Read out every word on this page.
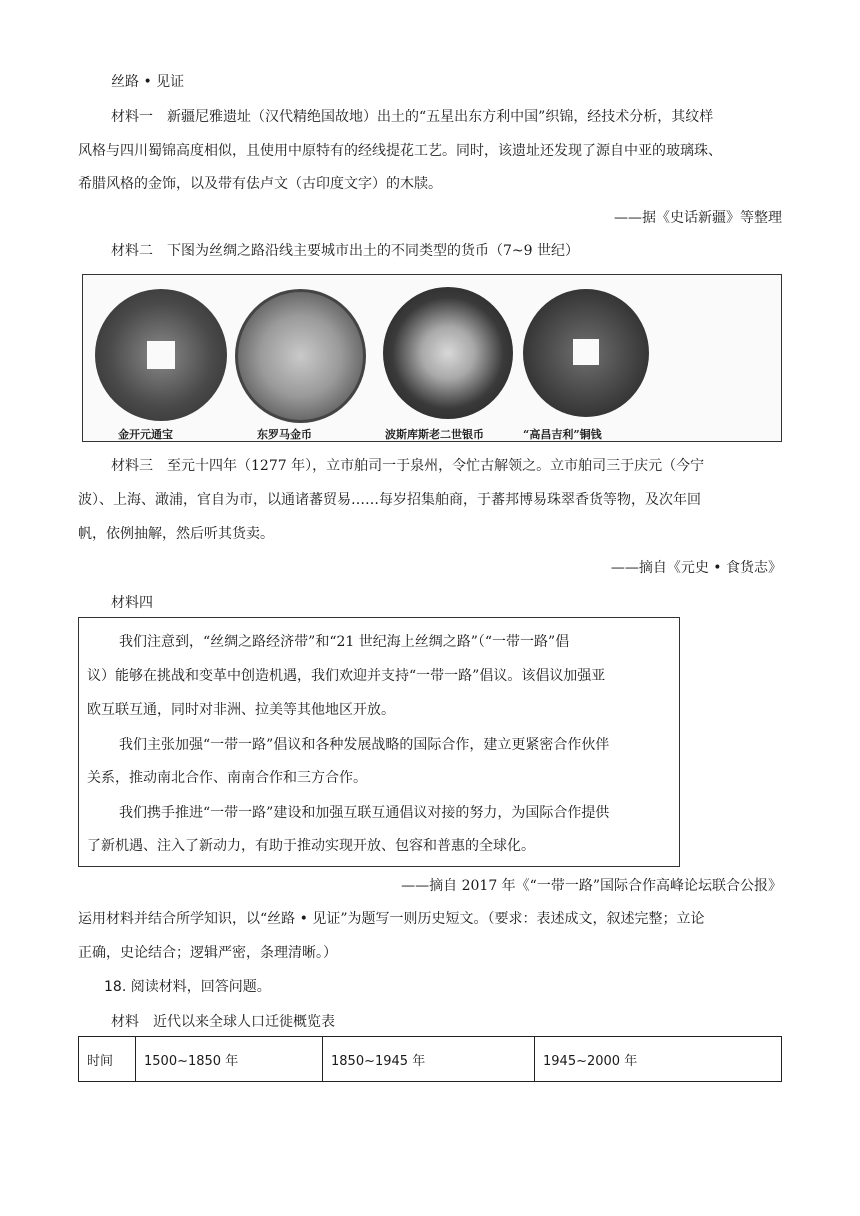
丝路 • 见证
材料一　新疆尼雅遗址（汉代精绝国故地）出土的“五星出东方利中国”织锦，经技术分析，其纹样
风格与四川蜀锦高度相似，且使用中原特有的经线提花工艺。同时，该遗址还发现了源自中亚的玻璃珠、
希腊风格的金饰，以及带有佉卢文（古印度文字）的木牍。
——据《史话新疆》等整理
材料二　下图为丝绸之路沿线主要城市出土的不同类型的货币（7~9 世纪）
金开元通宝	东罗马金币	波斯库斯老二世银币	“高昌吉利”铜钱
材料三　至元十四年（1277 年），立市舶司一于泉州，令忙古解领之。立市舶司三于庆元（今宁
波）、上海、澉浦，官自为市，以通诸蕃贸易……每岁招集舶商，于蕃邦博易珠翠香货等物，及次年回
帆，依例抽解，然后听其货卖。
——摘自《元史 • 食货志》
材料四
我们注意到，“丝绸之路经济带”和“21 世纪海上丝绸之路”（“一带一路”倡
议）能够在挑战和变革中创造机遇，我们欢迎并支持“一带一路”倡议。该倡议加强亚
欧互联互通，同时对非洲、拉美等其他地区开放。
我们主张加强“一带一路”倡议和各种发展战略的国际合作，建立更紧密合作伙伴
关系，推动南北合作、南南合作和三方合作。
我们携手推进“一带一路”建设和加强互联互通倡议对接的努力，为国际合作提供
了新机遇、注入了新动力，有助于推动实现开放、包容和普惠的全球化。
——摘自 2017 年《“一带一路”国际合作高峰论坛联合公报》
运用材料并结合所学知识，以“丝路 • 见证”为题写一则历史短文。（要求：表述成文，叙述完整；立论
正确，史论结合；逻辑严密，条理清晰。）
18. 阅读材料，回答问题。
材料　近代以来全球人口迁徙概览表
时间	1500~1850 年	1850~1945 年	1945~2000 年
